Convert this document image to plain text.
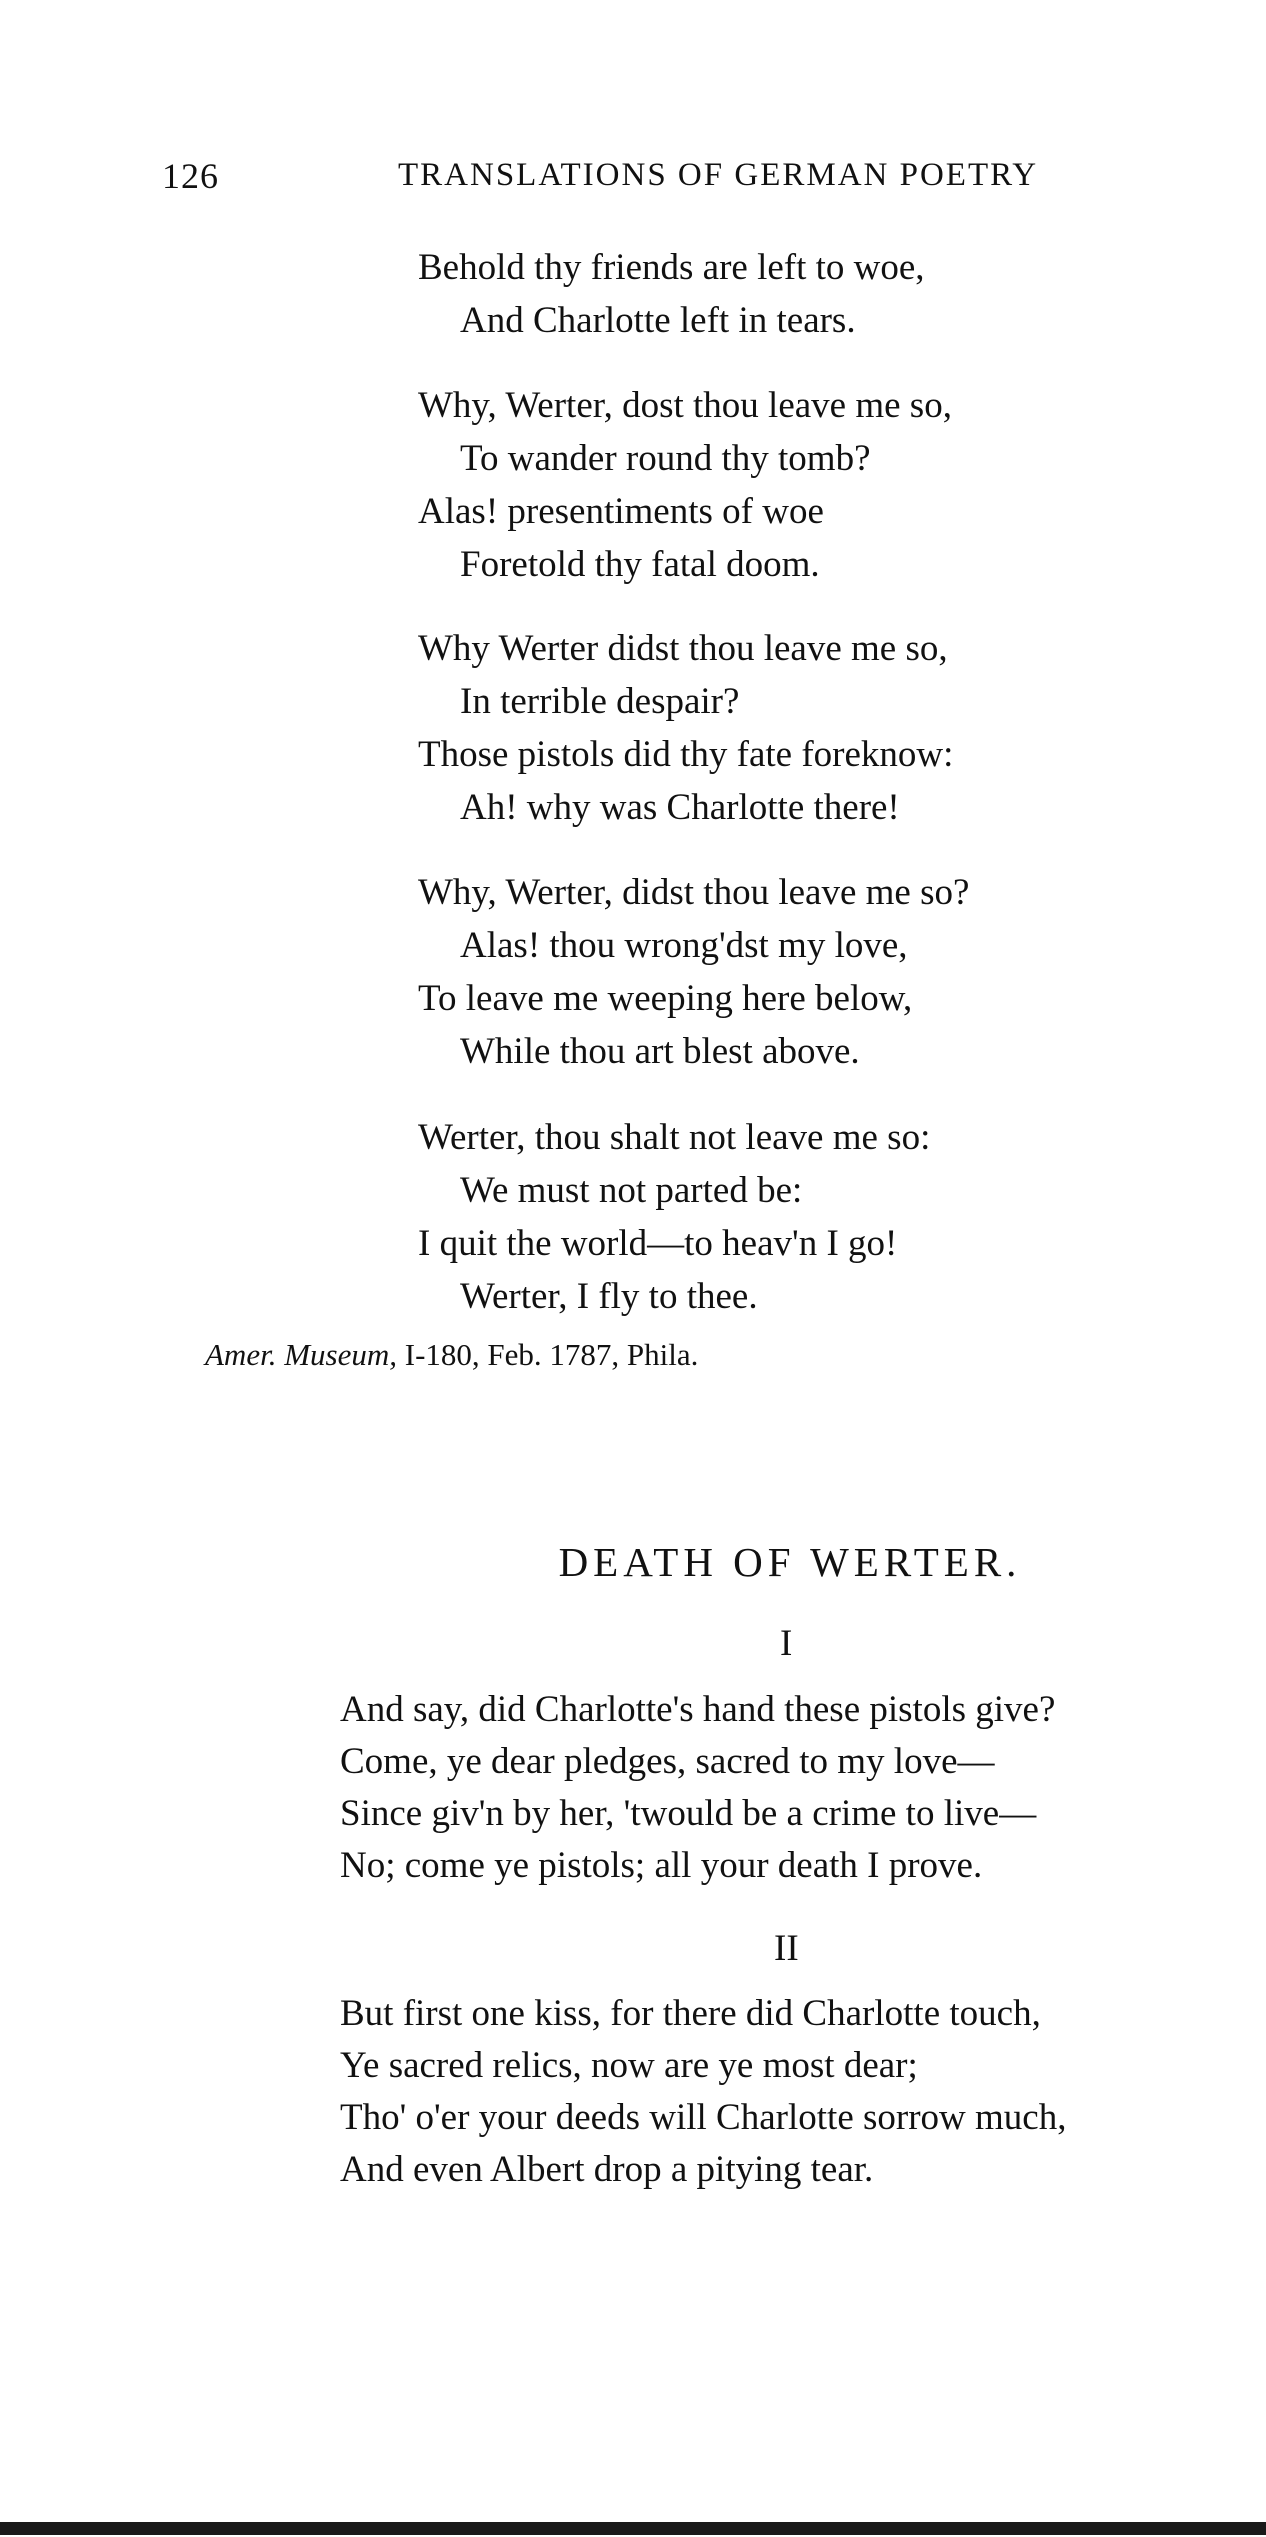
126	TRANSLATIONS OF GERMAN POETRY
Behold thy friends are left to woe,
And Charlotte left in tears.
Why, Werter, dost thou leave me so,
To wander round thy tomb?
Alas! presentiments of woe
Foretold thy fatal doom.
Why Werter didst thou leave me so,
In terrible despair?
Those pistols did thy fate foreknow:
Ah! why was Charlotte there!
Why, Werter, didst thou leave me so?
Alas! thou wrong'dst my love,
To leave me weeping here below,
While thou art blest above.
Werter, thou shalt not leave me so:
We must not parted be:
I quit the world—to heav'n I go!
Werter, I fly to thee.
Amer. Museum, I-180, Feb. 1787, Phila.
DEATH OF WERTER.
I
And say, did Charlotte's hand these pistols give?
Come, ye dear pledges, sacred to my love—
Since giv'n by her, 'twould be a crime to live—
No; come ye pistols; all your death I prove.
II
But first one kiss, for there did Charlotte touch,
Ye sacred relics, now are ye most dear;
Tho' o'er your deeds will Charlotte sorrow much,
And even Albert drop a pitying tear.
